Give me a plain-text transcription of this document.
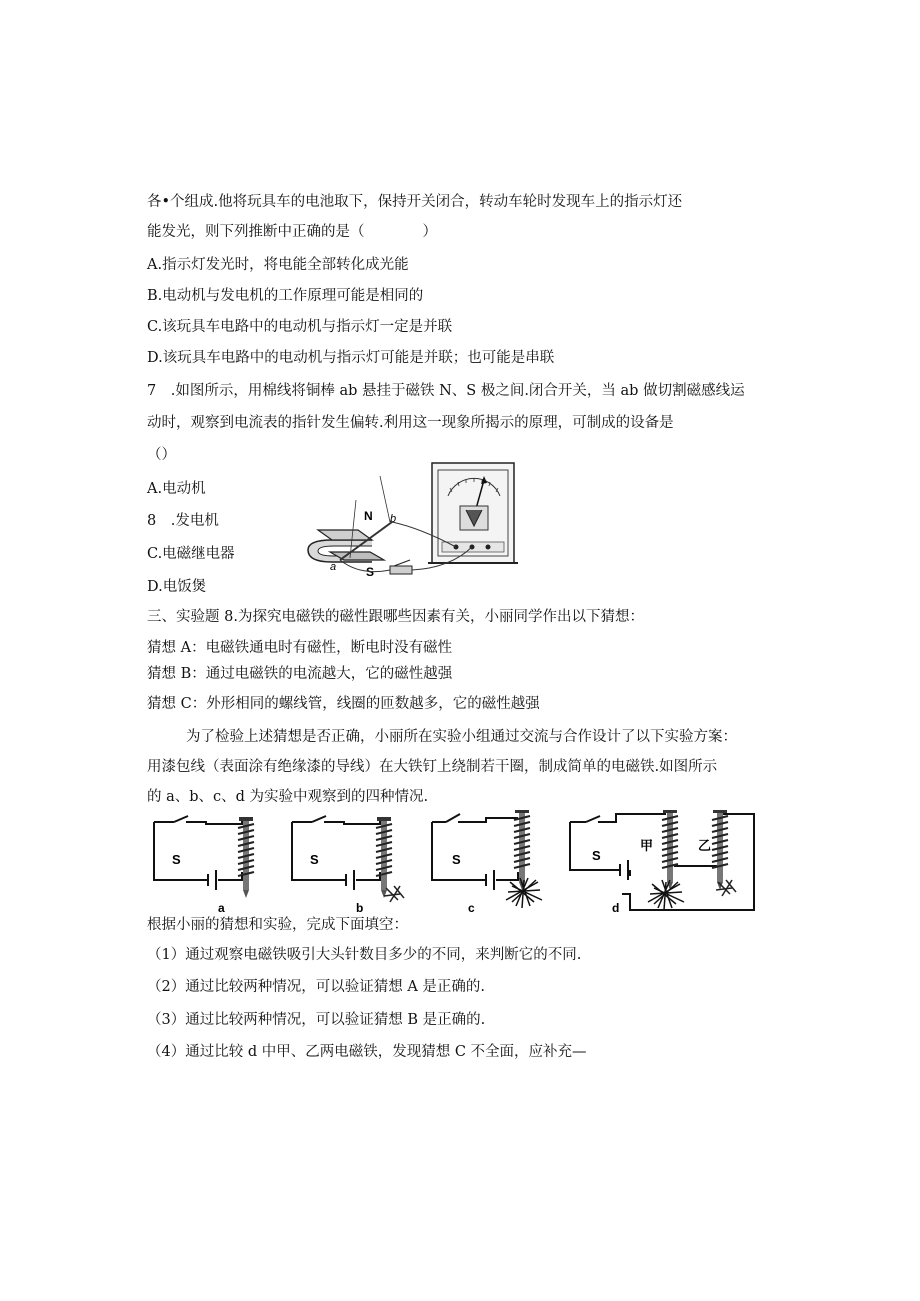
各•个组成.他将玩具车的电池取下，保持开关闭合，转动车轮时发现车上的指示灯还
能发光，则下列推断中正确的是（　　　　）
A.指示灯发光时，将电能全部转化成光能
B.电动机与发电机的工作原理可能是相同的
C.该玩具车电路中的电动机与指示灯一定是并联
D.该玩具车电路中的电动机与指示灯可能是并联；也可能是串联
7　.如图所示，用棉线将铜棒 ab 悬挂于磁铁 N、S 极之间.闭合开关，当 ab 做切割磁感线运
动时，观察到电流表的指针发生偏转.利用这一现象所揭示的原理，可制成的设备是
（）
A.电动机
8　.发电机
C.电磁继电器
D.电饭煲
N
S
a
b
三、实验题 8.为探究电磁铁的磁性跟哪些因素有关，小丽同学作出以下猜想：
猜想 A：电磁铁通电时有磁性，断电时没有磁性
猜想 B：通过电磁铁的电流越大，它的磁性越强
猜想 C：外形相同的螺线管，线圈的匝数越多，它的磁性越强
为了检验上述猜想是否正确，小丽所在实验小组通过交流与合作设计了以下实验方案：
用漆包线（表面涂有绝缘漆的导线）在大铁钉上绕制若干圈，制成简单的电磁铁.如图所示
的 a、b、c、d 为实验中观察到的四种情况.
S
a
S
b
S
c
S
甲	乙
d
根据小丽的猜想和实验，完成下面填空：
（1）通过观察电磁铁吸引大头针数目多少的不同，来判断它的不同.
（2）通过比较两种情况，可以验证猜想 A 是正确的.
（3）通过比较两种情况，可以验证猜想 B 是正确的.
（4）通过比较 d 中甲、乙两电磁铁，发现猜想 C 不全面，应补充—
